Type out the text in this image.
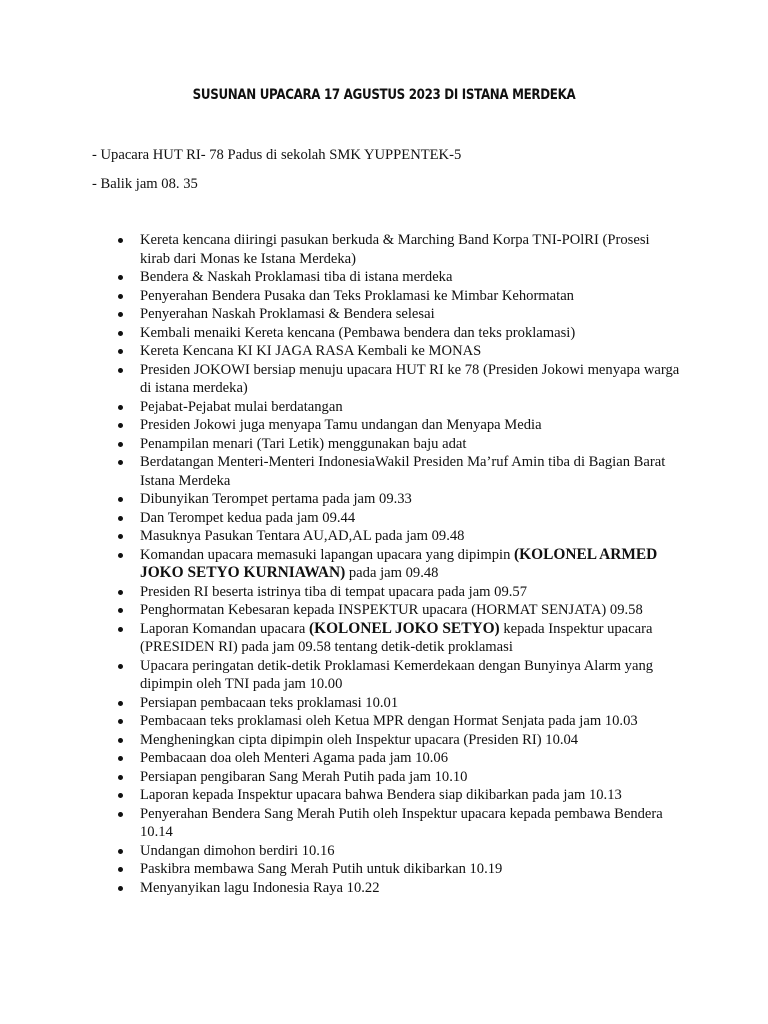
SUSUNAN UPACARA 17 AGUSTUS 2023 DI ISTANA MERDEKA
- Upacara HUT RI- 78 Padus di sekolah SMK YUPPENTEK-5
- Balik jam 08. 35
Kereta kencana diiringi pasukan berkuda & Marching Band Korpa TNI-POlRI (Prosesi kirab dari Monas ke Istana Merdeka)
Bendera & Naskah Proklamasi tiba di istana merdeka
Penyerahan Bendera Pusaka dan Teks Proklamasi ke Mimbar Kehormatan
Penyerahan Naskah Proklamasi & Bendera selesai
Kembali menaiki Kereta kencana (Pembawa bendera dan teks proklamasi)
Kereta Kencana KI KI JAGA RASA Kembali ke MONAS
Presiden JOKOWI bersiap menuju upacara HUT RI ke 78 (Presiden Jokowi menyapa warga di istana merdeka)
Pejabat-Pejabat mulai berdatangan
Presiden Jokowi juga menyapa Tamu undangan dan Menyapa Media
Penampilan menari (Tari Letik) menggunakan baju adat
Berdatangan Menteri-Menteri IndonesiaWakil Presiden Ma’ruf Amin tiba di Bagian Barat Istana Merdeka
Dibunyikan Terompet pertama pada jam 09.33
Dan Terompet kedua pada jam 09.44
Masuknya Pasukan Tentara AU,AD,AL pada jam 09.48
Komandan upacara memasuki lapangan upacara yang dipimpin (KOLONEL ARMED JOKO SETYO KURNIAWAN) pada jam 09.48
Presiden RI beserta istrinya tiba di tempat upacara pada jam 09.57
Penghormatan Kebesaran kepada INSPEKTUR upacara (HORMAT SENJATA) 09.58
Laporan Komandan upacara (KOLONEL JOKO SETYO) kepada Inspektur upacara (PRESIDEN RI) pada jam 09.58 tentang detik-detik proklamasi
Upacara peringatan detik-detik Proklamasi Kemerdekaan dengan Bunyinya Alarm yang dipimpin oleh TNI pada jam 10.00
Persiapan pembacaan teks proklamasi 10.01
Pembacaan teks proklamasi oleh Ketua MPR dengan Hormat Senjata pada jam 10.03
Mengheningkan cipta dipimpin oleh Inspektur upacara (Presiden RI) 10.04
Pembacaan doa oleh Menteri Agama pada jam 10.06
Persiapan pengibaran Sang Merah Putih pada jam 10.10
Laporan kepada Inspektur upacara bahwa Bendera siap dikibarkan pada jam 10.13
Penyerahan Bendera Sang Merah Putih oleh Inspektur upacara kepada pembawa Bendera 10.14
Undangan dimohon berdiri 10.16
Paskibra membawa Sang Merah Putih untuk dikibarkan 10.19
Menyanyikan lagu Indonesia Raya 10.22
